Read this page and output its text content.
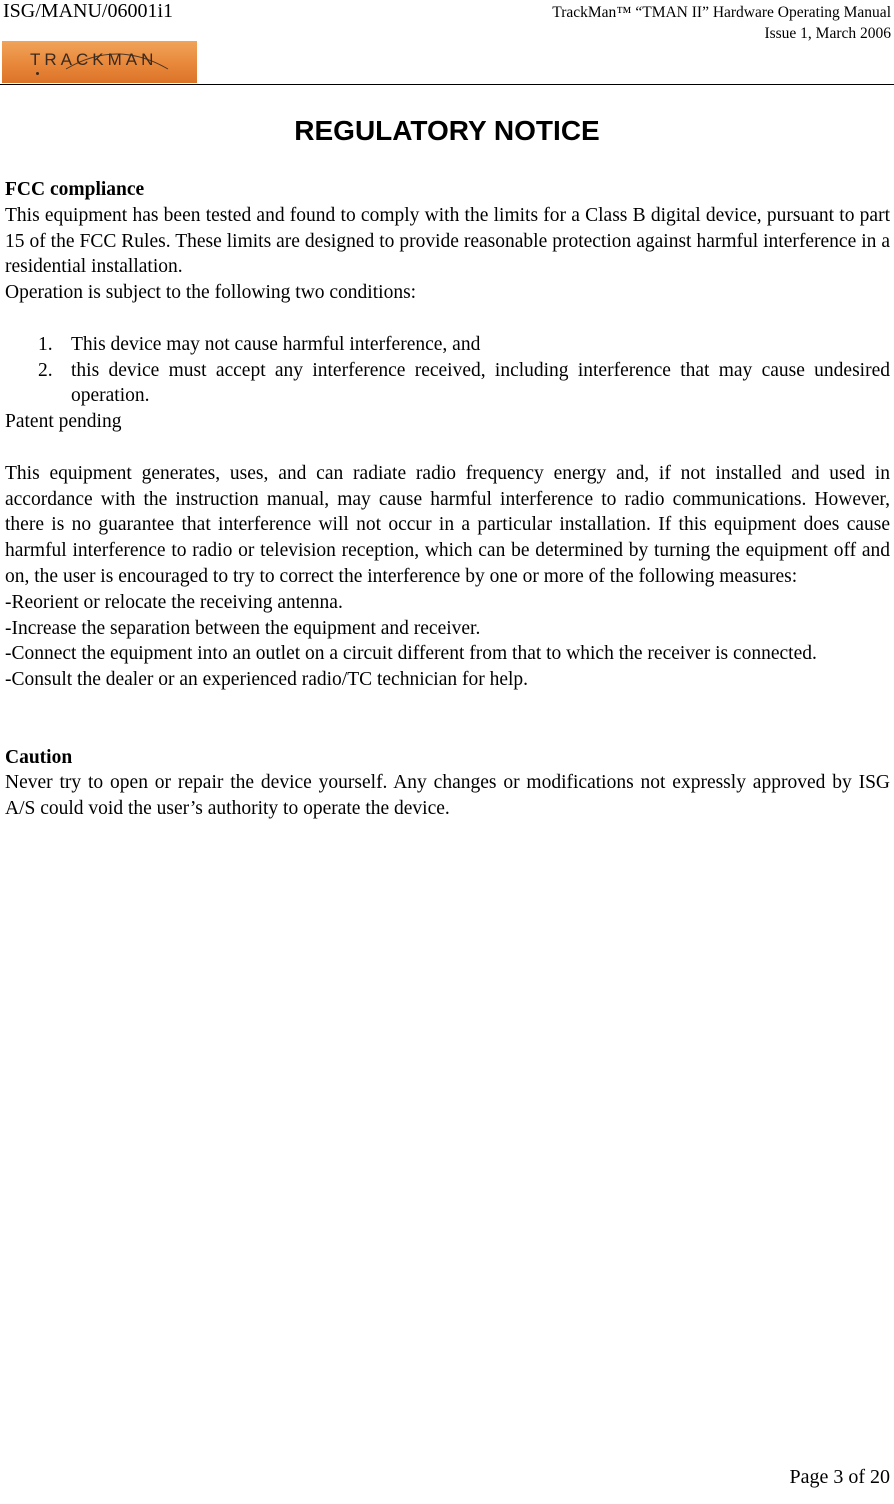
ISG/MANU/06001i1	TrackMan™ “TMAN II” Hardware Operating Manual
Issue 1, March 2006
TRACKMAN
REGULATORY NOTICE

FCC compliance

This equipment has been tested and found to comply with the limits for a Class B digital device, pursuant to part 15 of the FCC Rules. These limits are designed to provide reasonable protection against harmful interference in a residential installation.

Operation is subject to the following two conditions:

1. This device may not cause harmful interference, and
2. this device must accept any interference received, including interference that may cause undesired operation.

Patent pending

This equipment generates, uses, and can radiate radio frequency energy and, if not installed and used in accordance with the instruction manual, may cause harmful interference to radio communications. However, there is no guarantee that interference will not occur in a particular installation. If this equipment does cause harmful interference to radio or television reception, which can be determined by turning the equipment off and on, the user is encouraged to try to correct the interference by one or more of the following measures:

-Reorient or relocate the receiving antenna.

-Increase the separation between the equipment and receiver.

-Connect the equipment into an outlet on a circuit different from that to which the receiver is connected.

-Consult the dealer or an experienced radio/TC technician for help.

Caution

Never try to open or repair the device yourself. Any changes or modifications not expressly approved by ISG A/S could void the user’s authority to operate the device.

Page 3 of 20
